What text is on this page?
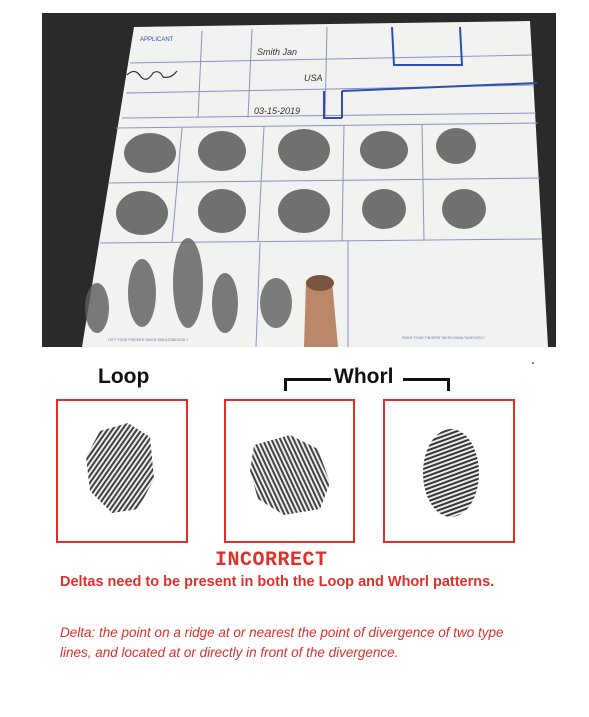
APPLICANT
Smith Jan
USA
03-15-2019
LEFT FOUR FINGERS TAKEN SIMULTANEOUSLY	RIGHT FOUR FINGERS TAKEN SIMULTANEOUSLY
Loop	Whorl
INCORRECT
Deltas need to be present in both the Loop and Whorl patterns.
Delta: the point on a ridge at or nearest the point of divergence of two type lines, and located at or directly in front of the divergence.
